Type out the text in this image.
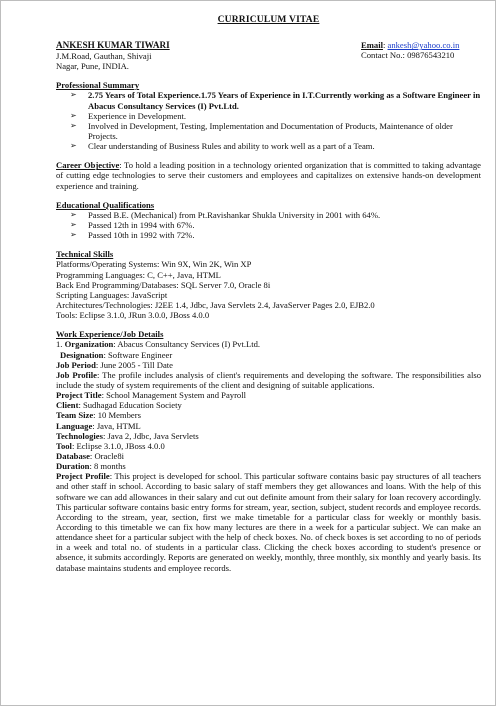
CURRICULUM VITAE
ANKESH KUMAR TIWARI
J.M.Road, Gauthan, Shivaji
Nagar, Pune, INDIA.
Email: ankesh@yahoo.co.in
Contact No.: 09876543210
Professional Summary
➢ 2.75 Years of Total Experience.1.75 Years of Experience in I.T.Currently working as a Software Engineer in Abacus Consultancy Services (I) Pvt.Ltd.
➢ Experience in Development.
➢ Involved in Development, Testing, Implementation and Documentation of Products, Maintenance of older Projects.
➢ Clear understanding of Business Rules and ability to work well as a part of a Team.
Career Objective: To hold a leading position in a technology oriented organization that is committed to taking advantage of cutting edge technologies to serve their customers and employees and capitalizes on extensive hands-on development experience and training.
Educational Qualifications
➢ Passed B.E. (Mechanical) from Pt.Ravishankar Shukla University in 2001 with 64%.
➢ Passed 12th in 1994 with 67%.
➢ Passed 10th in 1992 with 72%.
Technical Skills
Platforms/Operating Systems: Win 9X, Win 2K, Win XP
Programming Languages: C, C++, Java, HTML
Back End Programming/Databases: SQL Server 7.0, Oracle 8i
Scripting Languages: JavaScript
Architectures/Technologies: J2EE 1.4, Jdbc, Java Servlets 2.4, JavaServer Pages 2.0, EJB2.0
Tools: Eclipse 3.1.0, JRun 3.0.0, JBoss 4.0.0
Work Experience/Job Details
1. Organization: Abacus Consultancy Services (I) Pvt.Ltd.
Designation: Software Engineer
Job Period: June 2005 - Till Date
Job Profile: The profile includes analysis of client's requirements and developing the software. The responsibilities also include the study of system requirements of the client and designing of suitable applications.
Project Title: School Management System and Payroll
Client: Sudhagad Education Society
Team Size: 10 Members
Language: Java, HTML
Technologies: Java 2, Jdbc, Java Servlets
Tool: Eclipse 3.1.0, JBoss 4.0.0
Database: Oracle8i
Duration: 8 months
Project Profile: This project is developed for school. This particular software contains basic pay structures of all teachers and other staff in school. According to basic salary of staff members they get allowances and loans. With the help of this software we can add allowances in their salary and cut out definite amount from their salary for loan recovery accordingly. This particular software contains basic entry forms for stream, year, section, subject, student records and employee records. According to the stream, year, section, first we make timetable for a particular class for weekly or monthly basis. According to this timetable we can fix how many lectures are there in a week for a particular subject. We can make an attendance sheet for a particular subject with the help of check boxes. No. of check boxes is set according to no of periods in a week and total no. of students in a particular class. Clicking the check boxes according to student's presence or absence, it submits accordingly. Reports are generated on weekly, monthly, three monthly, six monthly and yearly basis. Its database maintains students and employee records.
